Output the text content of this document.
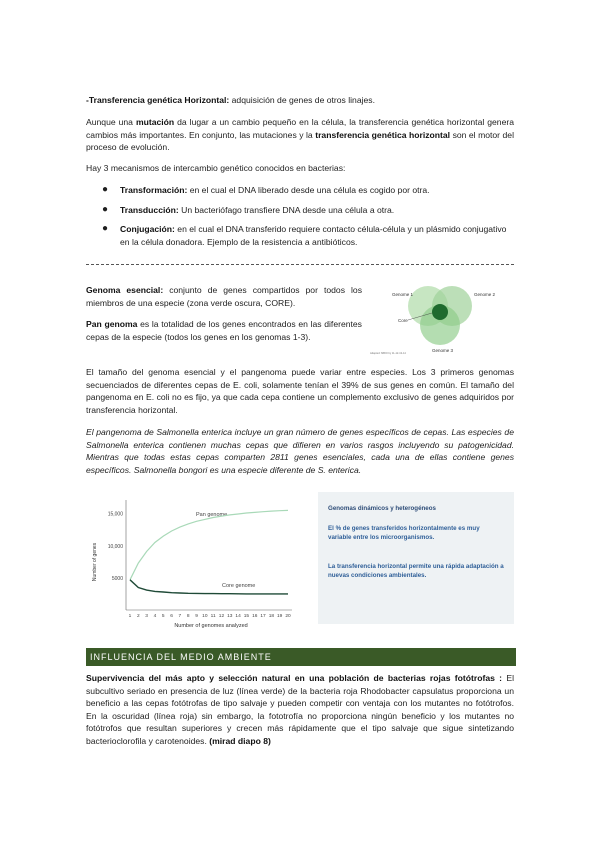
-Transferencia genética Horizontal: adquisición de genes de otros linajes.

Aunque una mutación da lugar a un cambio pequeño en la célula, la transferencia genética horizontal genera cambios más importantes. En conjunto, las mutaciones y la transferencia genética horizontal son el motor del proceso de evolución.

Hay 3 mecanismos de intercambio genético conocidos en bacterias:

● Transformación: en el cual el DNA liberado desde una célula es cogido por otra.
● Transducción: Un bacteriófago transfiere DNA desde una célula a otra.
● Conjugación: en el cual el DNA transferido requiere contacto célula-célula y un plásmido conjugativo en la célula donadora. Ejemplo de la resistencia a antibióticos.

Genoma esencial: conjunto de genes compartidos por todos los miembros de una especie (zona verde oscura, CORE).

Pan genoma es la totalidad de los genes encontrados en las diferentes cepas de la especie (todos los genes en los genomas 1-3).

Genome 1	Genome 2
Genome 3
Core
Adapted: MBIO by 11-12-13-14

El tamaño del genoma esencial y el pangenoma puede variar entre especies. Los 3 primeros genomas secuenciados de diferentes cepas de E. coli, solamente tenían el 39% de sus genes en común. El tamaño del pangenoma en E. coli no es fijo, ya que cada cepa contiene un complemento exclusivo de genes adquiridos por transferencia horizontal.

El pangenoma de Salmonella enterica incluye un gran número de genes específicos de cepas. Las especies de Salmonella enterica contienen muchas cepas que difieren en varios rasgos incluyendo su patogenicidad. Mientras que todas estas cepas comparten 2811 genes esenciales, cada una de ellas contiene genes específicos. Salmonella bongori es una especie diferente de S. enterica.

Number of genes
Number of genomes analyzed
Pan genome
Core genome
5000
10,000
15,000
1 2 3 4 5 6 7 8 9 10 11 12 13 14 15 16 17 18 19 20

Genomas dinámicos y heterogéneos

El % de genes transferidos horizontalmente es muy variable entre los microorganismos.

La transferencia horizontal permite una rápida adaptación a nuevas condiciones ambientales.

INFLUENCIA DEL MEDIO AMBIENTE

Supervivencia del más apto y selección natural en una población de bacterias rojas fotótrofas : El subcultivo seriado en presencia de luz (línea verde) de la bacteria roja Rhodobacter capsulatus proporciona un beneficio a las cepas fotótrofas de tipo salvaje y pueden competir con ventaja con los mutantes no fotótrofos. En la oscuridad (línea roja) sin embargo, la fototrofía no proporciona ningún beneficio y los mutantes no fotótrofos que resultan superiores y crecen más rápidamente que el tipo salvaje que sigue sintetizando bacterioclorofila y carotenoides. (mirad diapo 8)
